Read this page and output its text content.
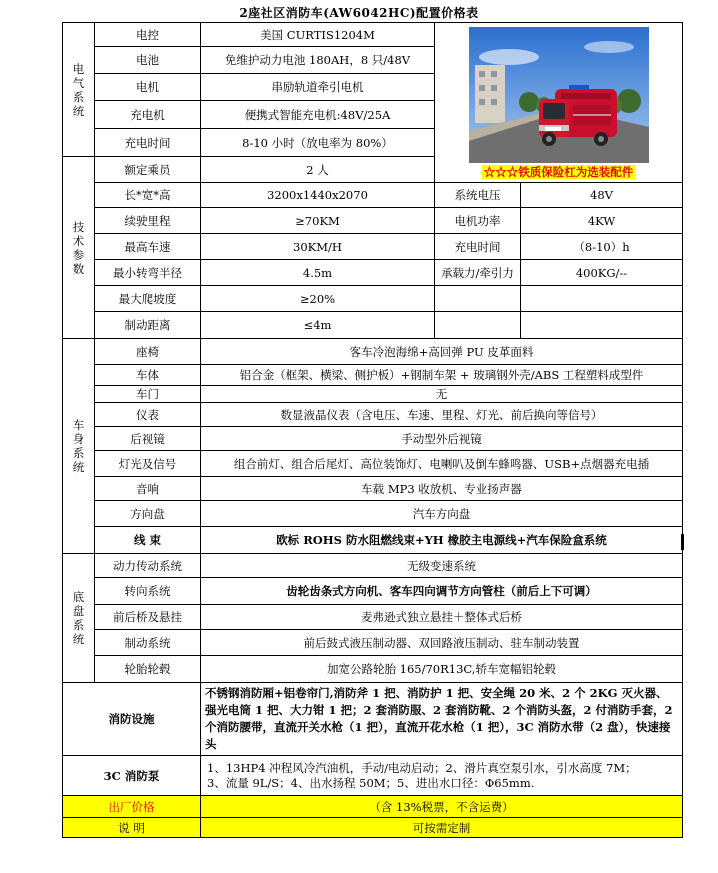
2座社区消防车(AW6042HC)配置价格表
电
气
系
统	电控	美国 CURTIS1204M	☆☆☆铁质保险杠为选装配件	

	电池	免维护动力电池 180AH，8 只/48V		
	电机	串励轨道牵引电机		
	充电机	便携式智能充电机:48V/25A		
	充电时间	8-10 小时（放电率为 80%）		

技
术
参
数	额定乘员	2 人		
	长*宽*高	3200x1440x2070	系统电压	48V
	续驶里程	≥70KM	电机功率	4KW
	最高车速	30KM/H	充电时间	（8-10）h
	最小转弯半径	4.5m	承载力/牵引力	400KG/--
	最大爬坡度	≥20%		
	制动距离	≤4m		

车
身
系
统	座椅	客车冷泡海绵+高回弹 PU 皮革面料		
	车体	铝合金（框架、横梁、侧护板）+钢制车架 + 玻璃钢外壳/ABS 工程塑料成型件		
	车门	无		
	仪表	数显液晶仪表（含电压、车速、里程、灯光、前后换向等信号）		
	后视镜	手动型外后视镜		
	灯光及信号	组合前灯、组合后尾灯、高位装饰灯、电喇叭及倒车蜂鸣器、USB+点烟器充电插		
	音响	车载 MP3 收放机、专业扬声器		
	方向盘	汽车方向盘		
	线 束	欧标 ROHS 防水阻燃线束+YH 橡胶主电源线+汽车保险盒系统		

底
盘
系
统	动力传动系统	无级变速系统		
	转向系统	齿轮齿条式方向机、客车四向调节方向管柱（前后上下可调）		
	前后桥及悬挂	麦弗逊式独立悬挂＋整体式后桥		
	制动系统	前后鼓式液压制动器、双回路液压制动、驻车制动装置		
	轮胎轮毂	加宽公路轮胎 165/70R13C,轿车宽幅铝轮毂		
消防设施		不锈钢消防厢+铝卷帘门,消防斧 1 把、消防护 1 把、安全绳 20 米、2 个 2KG 灭火器、强光电筒 1 把、大力钳 1 把；2 套消防服、2 套消防靴、2 个消防头盔，2 付消防手套，2 个消防腰带，直流开关水枪（1 把），直流开花水枪（1 把），3C 消防水带（2 盘），快速接头		
3C 消防泵		1、13HP4 冲程风冷汽油机，手动/电动启动；2、滑片真空泵引水，引水高度 7M；
3、流量 9L/S；4、出水扬程 50M；5、进出水口径：Φ65mm.		

出厂价格		（含 13%税票，不含运费）		
说 明		可按需定制		
